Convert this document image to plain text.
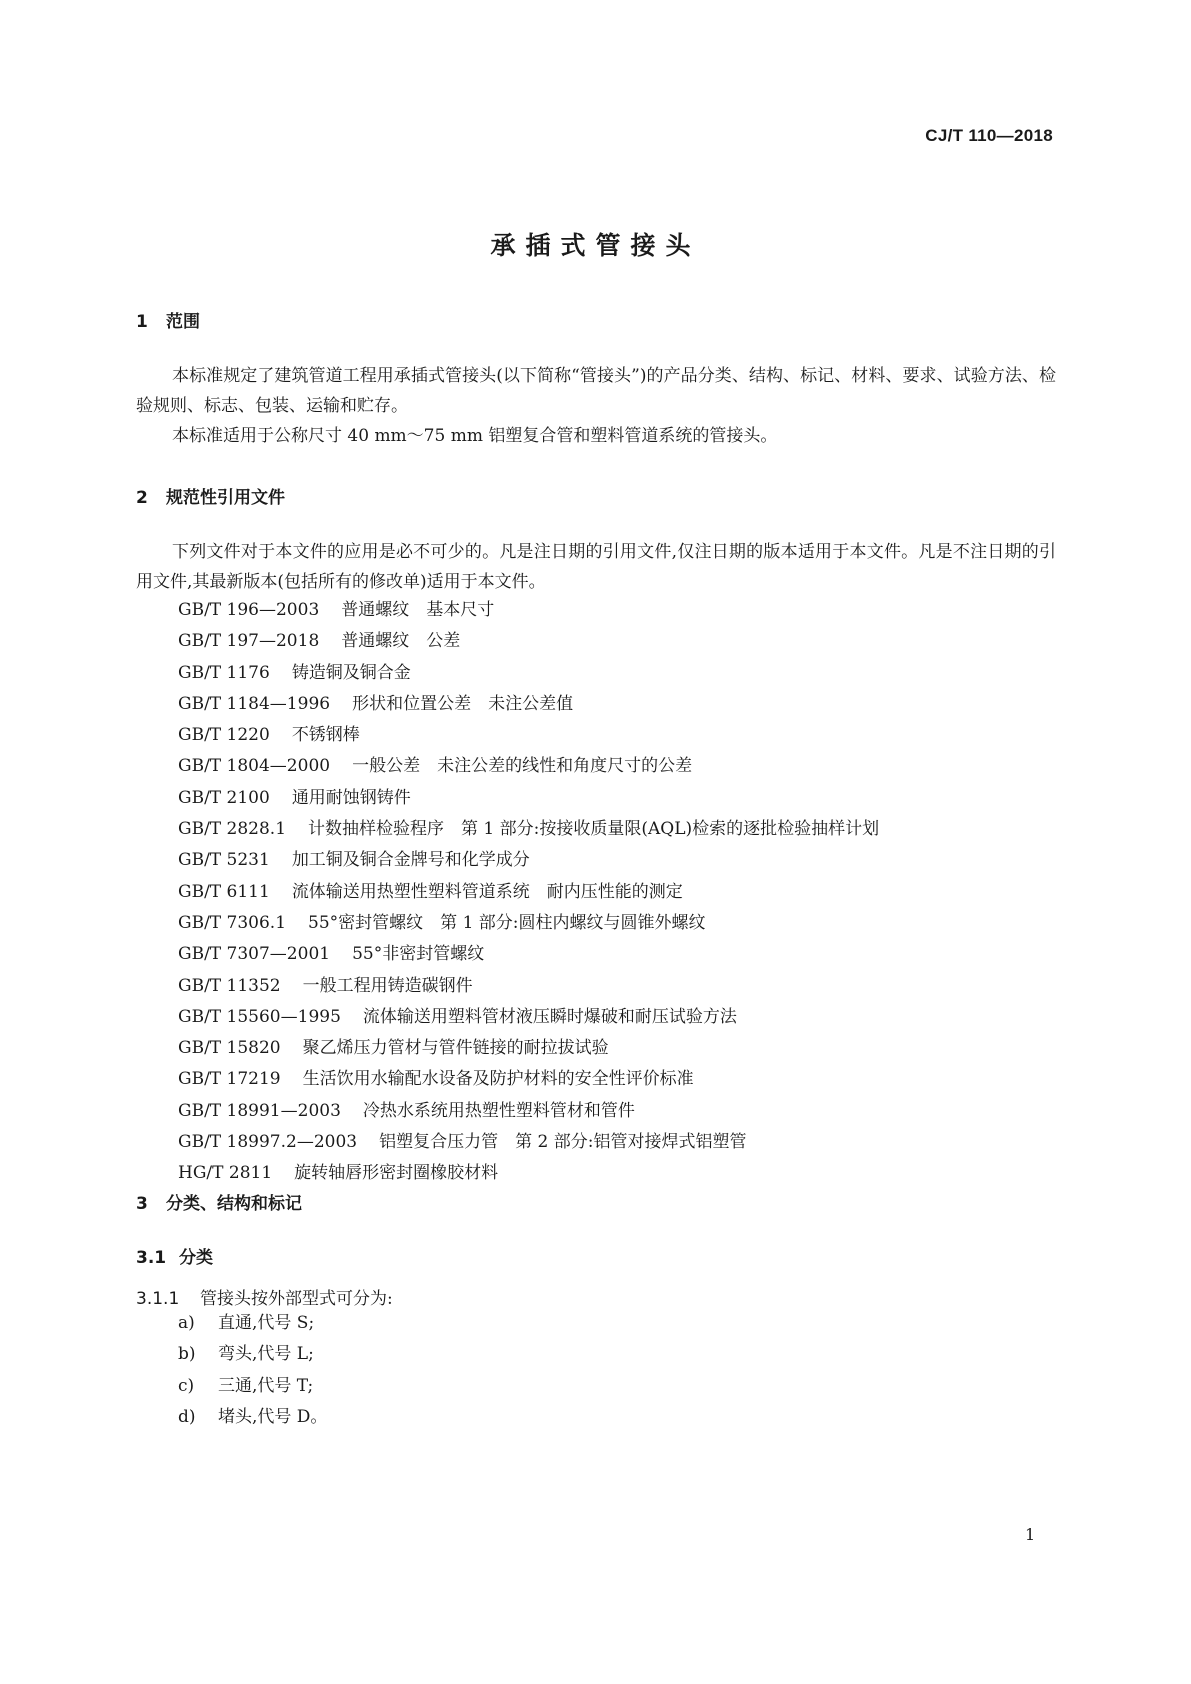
CJ/T 110—2018
承插式管接头
1 范围
本标准规定了建筑管道工程用承插式管接头(以下简称“管接头”)的产品分类、结构、标记、材料、要求、试验方法、检验规则、标志、包装、运输和贮存。
本标准适用于公称尺寸 40 mm～75 mm 铝塑复合管和塑料管道系统的管接头。
2 规范性引用文件
下列文件对于本文件的应用是必不可少的。凡是注日期的引用文件,仅注日期的版本适用于本文件。凡是不注日期的引用文件,其最新版本(包括所有的修改单)适用于本文件。
GB/T 196—2003 普通螺纹　基本尺寸
GB/T 197—2018 普通螺纹　公差
GB/T 1176 铸造铜及铜合金
GB/T 1184—1996 形状和位置公差　未注公差值
GB/T 1220 不锈钢棒
GB/T 1804—2000 一般公差　未注公差的线性和角度尺寸的公差
GB/T 2100 通用耐蚀钢铸件
GB/T 2828.1 计数抽样检验程序　第 1 部分:按接收质量限(AQL)检索的逐批检验抽样计划
GB/T 5231 加工铜及铜合金牌号和化学成分
GB/T 6111 流体输送用热塑性塑料管道系统　耐内压性能的测定
GB/T 7306.1 55°密封管螺纹　第 1 部分:圆柱内螺纹与圆锥外螺纹
GB/T 7307—2001 55°非密封管螺纹
GB/T 11352 一般工程用铸造碳钢件
GB/T 15560—1995 流体输送用塑料管材液压瞬时爆破和耐压试验方法
GB/T 15820 聚乙烯压力管材与管件链接的耐拉拔试验
GB/T 17219 生活饮用水输配水设备及防护材料的安全性评价标准
GB/T 18991—2003 冷热水系统用热塑性塑料管材和管件
GB/T 18997.2—2003 铝塑复合压力管　第 2 部分:铝管对接焊式铝塑管
HG/T 2811 旋转轴唇形密封圈橡胶材料
3 分类、结构和标记
3.1 分类
3.1.1 管接头按外部型式可分为:
a) 直通,代号 S;
b) 弯头,代号 L;
c) 三通,代号 T;
d) 堵头,代号 D。
1
